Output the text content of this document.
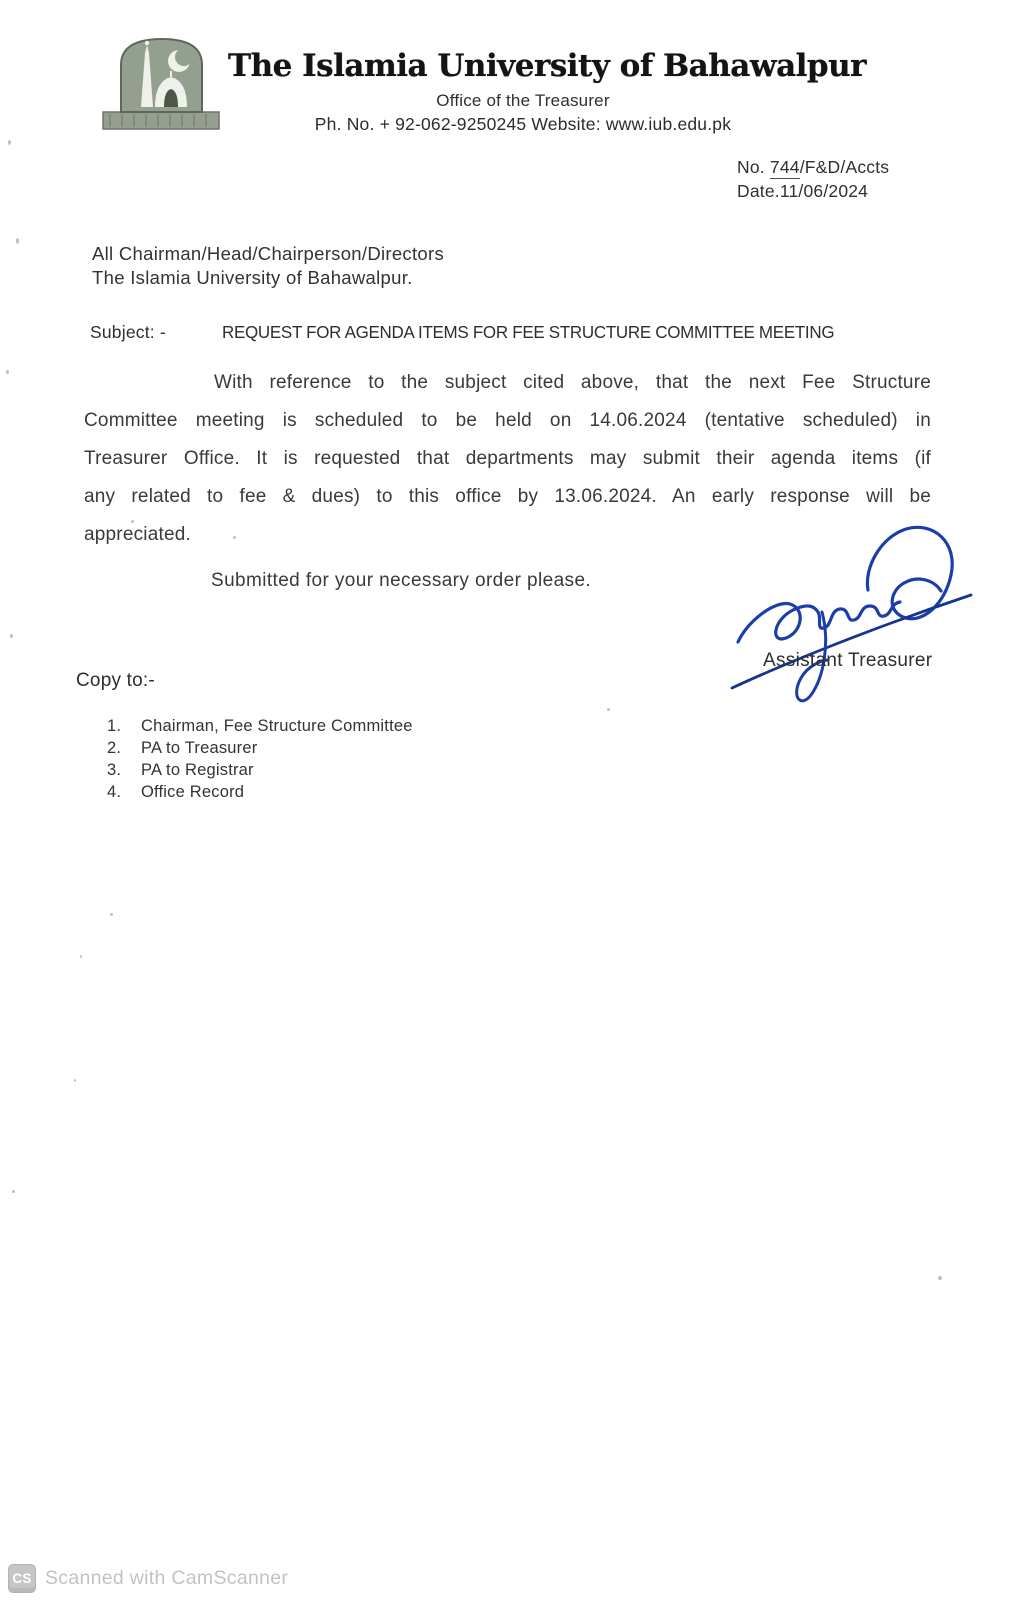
The Islamia University of Bahawalpur
Office of the Treasurer
Ph. No. + 92-062-9250245 Website: www.iub.edu.pk
No. 744/F&D/Accts
Date.11/06/2024
All Chairman/Head/Chairperson/Directors
The Islamia University of Bahawalpur.
Subject: -	REQUEST FOR AGENDA ITEMS FOR FEE STRUCTURE COMMITTEE MEETING
With reference to the subject cited above, that the next Fee Structure
Committee meeting is scheduled to be held on 14.06.2024 (tentative scheduled) in
Treasurer Office. It is requested that departments may submit their agenda items (if
any related to fee & dues) to this office by 13.06.2024. An early response will be
appreciated.
Submitted for your necessary order please.
Assistant Treasurer
Copy to:-
1.	Chairman, Fee Structure Committee
2.	PA to Treasurer
3.	PA to Registrar
4.	Office Record
CS Scanned with CamScanner
